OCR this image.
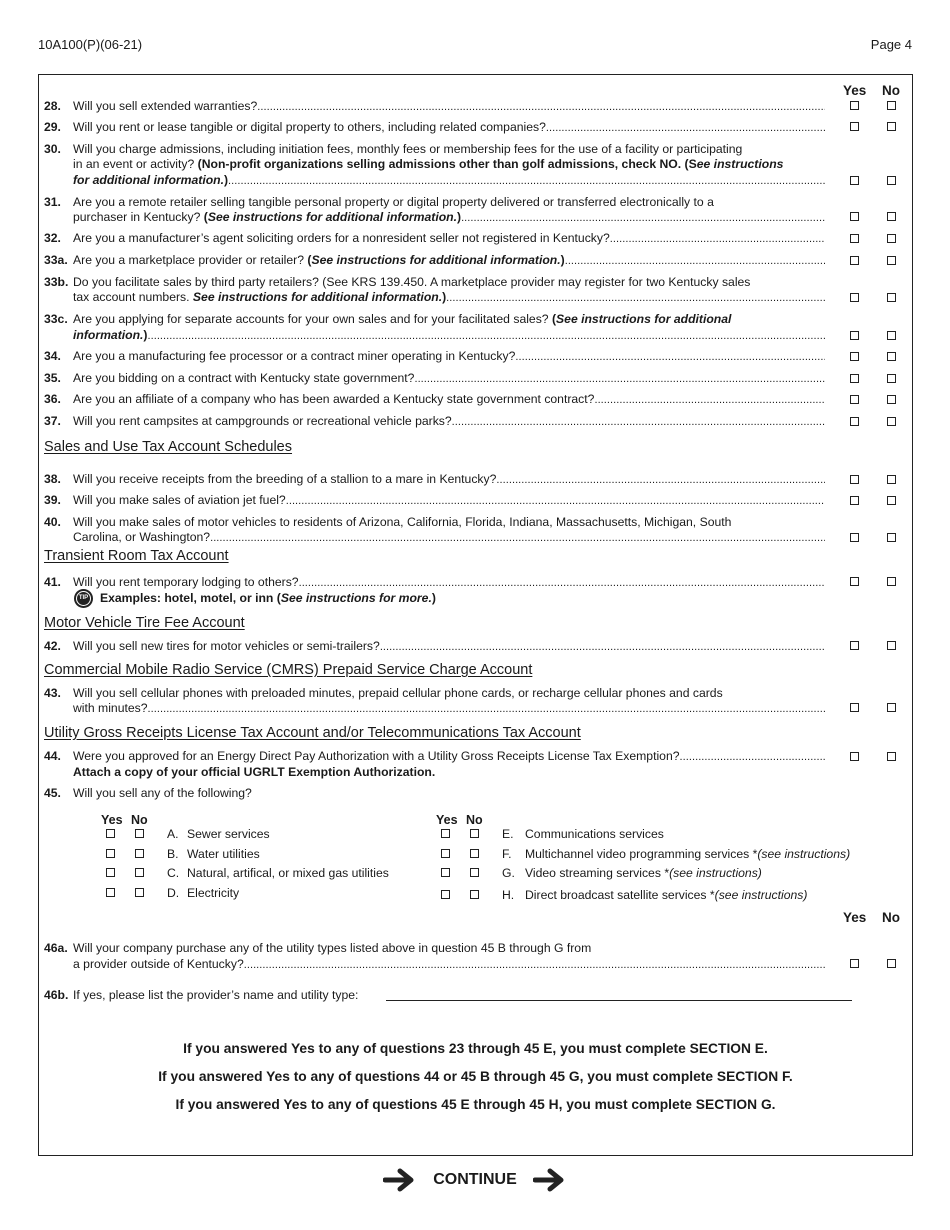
10A100(P)(06-21)	Page 4
Yes No
28. Will you sell extended warranties?
. . .
29. Will you rent or lease tangible or digital property to others, including related companies?
. . .
30. Will you charge admissions, including initiation fees, monthly fees or membership fees for the use of a facility or participating
in an event or activity? (Non-profit organizations selling admissions other than golf admissions, check NO. (See instructions
for additional information.)
. . .
31. Are you a remote retailer selling tangible personal property or digital property delivered or transferred electronically to a
purchaser in Kentucky? (See instructions for additional information.)
. . .
32. Are you a manufacturer’s agent soliciting orders for a nonresident seller not registered in Kentucky?
. . .
33a. Are you a marketplace provider or retailer? (See instructions for additional information.)
. . .
33b. Do you facilitate sales by third party retailers? (See KRS 139.450. A marketplace provider may register for two Kentucky sales
tax account numbers. See instructions for additional information.)
. . .
33c. Are you applying for separate accounts for your own sales and for your facilitated sales? (See instructions for additional
information.)
. . .
34. Are you a manufacturing fee processor or a contract miner operating in Kentucky?
. . .
35. Are you bidding on a contract with Kentucky state government?
. . .
36. Are you an affiliate of a company who has been awarded a Kentucky state government contract?
. . .
37. Will you rent campsites at campgrounds or recreational vehicle parks?
. . .
Sales and Use Tax Account Schedules
38. Will you receive receipts from the breeding of a stallion to a mare in Kentucky?
. . .
39. Will you make sales of aviation jet fuel?
. . .
40. Will you make sales of motor vehicles to residents of Arizona, California, Florida, Indiana, Massachusetts, Michigan, South
Carolina, or Washington?
. . .
Transient Room Tax Account
41. Will you rent temporary lodging to others?
. . .
TIP Examples: hotel, motel, or inn (See instructions for more.)
Motor Vehicle Tire Fee Account
42. Will you sell new tires for motor vehicles or semi-trailers?
. . .
Commercial Mobile Radio Service (CMRS) Prepaid Service Charge Account
43. Will you sell cellular phones with preloaded minutes, prepaid cellular phone cards, or recharge cellular phones and cards
with minutes?
. . .
Utility Gross Receipts License Tax Account and/or Telecommunications Tax Account
44. Were you approved for an Energy Direct Pay Authorization with a Utility Gross Receipts License Tax Exemption?
. . .
Attach a copy of your official UGRLT Exemption Authorization.
45. Will you sell any of the following?
Yes No	Yes No
A. Sewer services
B. Water utilities
C. Natural, artifical, or mixed gas utilities
D. Electricity
E. Communications services
F. Multichannel video programming services *(see instructions)
G. Video streaming services *(see instructions)
H. Direct broadcast satellite services *(see instructions)
Yes No
46a. Will your company purchase any of the utility types listed above in question 45 B through G from
a provider outside of Kentucky?
. . .
46b. If yes, please list the provider’s name and utility type:
If you answered Yes to any of questions 23 through 45 E, you must complete SECTION E.
If you answered Yes to any of questions 44 or 45 B through 45 G, you must complete SECTION F.
If you answered Yes to any of questions 45 E through 45 H, you must complete SECTION G.
CONTINUE
